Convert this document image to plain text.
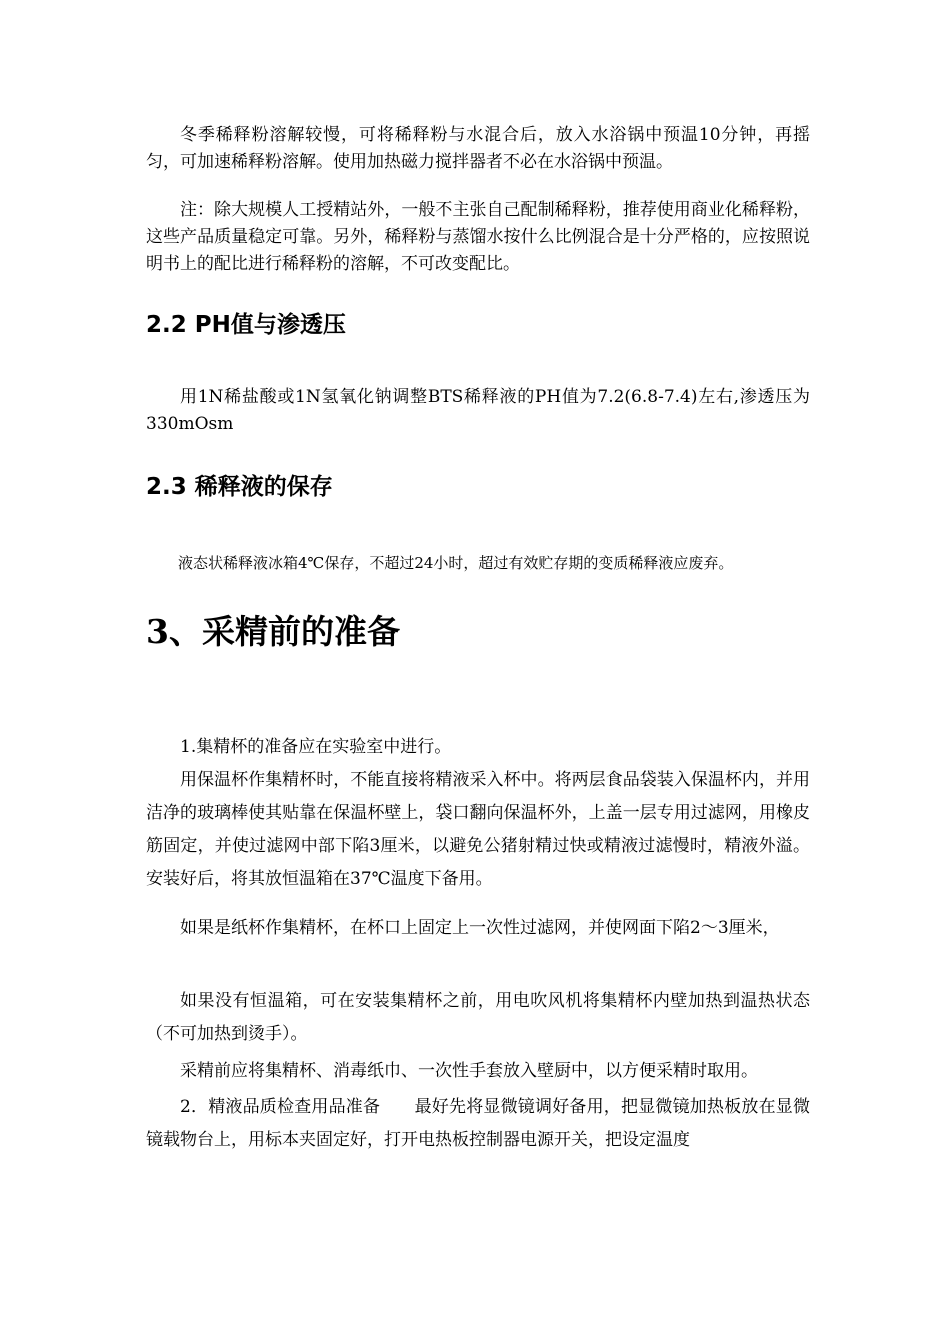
冬季稀释粉溶解较慢，可将稀释粉与水混合后，放入水浴锅中预温10分钟，再摇匀，可加速稀释粉溶解。使用加热磁力搅拌器者不必在水浴锅中预温。

注：除大规模人工授精站外，一般不主张自己配制稀释粉，推荐使用商业化稀释粉，这些产品质量稳定可靠。另外，稀释粉与蒸馏水按什么比例混合是十分严格的，应按照说明书上的配比进行稀释粉的溶解，不可改变配比。

2.2 PH值与渗透压

用1N稀盐酸或1N氢氧化钠调整BTS稀释液的PH值为7.2(6.8-7.4)左右,渗透压为330mOsm

2.3 稀释液的保存

液态状稀释液冰箱4℃保存，不超过24小时，超过有效贮存期的变质稀释液应废弃。

3、采精前的准备

1.集精杯的准备应在实验室中进行。

用保温杯作集精杯时，不能直接将精液采入杯中。将两层食品袋装入保温杯内，并用洁净的玻璃棒使其贴靠在保温杯壁上，袋口翻向保温杯外，上盖一层专用过滤网，用橡皮筋固定，并使过滤网中部下陷3厘米，以避免公猪射精过快或精液过滤慢时，精液外溢。安装好后，将其放恒温箱在37℃温度下备用。

如果是纸杯作集精杯，在杯口上固定上一次性过滤网，并使网面下陷2～3厘米，

如果没有恒温箱，可在安装集精杯之前，用电吹风机将集精杯内壁加热到温热状态（不可加热到烫手）。

采精前应将集精杯、消毒纸巾、一次性手套放入壁厨中，以方便采精时取用。

2．精液品质检查用品准备　　最好先将显微镜调好备用，把显微镜加热板放在显微镜载物台上，用标本夹固定好，打开电热板控制器电源开关，把设定温度
